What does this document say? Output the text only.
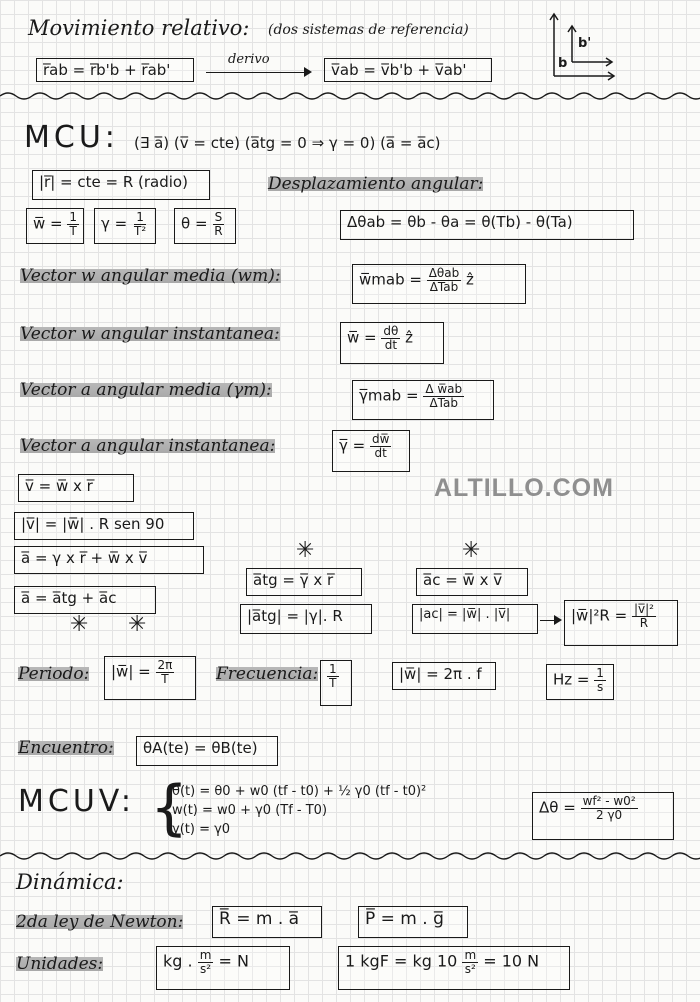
Movimiento relativo: (dos sistemas de referencia)
r̅ab = r̅b'b + r̅ab'
derivo
v̅ab = v̅b'b + v̅ab'	b
b'
MCU: (∃ a̅) (v̅ = cte) (a̅tg = 0 ⇒ γ = 0) (a̅ = a̅c)
|r̅| = cte = R (radio)	Desplazamiento angular:
w̅ = $\frac{1}{T}$	$\gamma = \frac{1}{\text{T²}}$	$\theta = \frac{S}{R}$	Δθab = θb - θa = θ(Tb) - θ(Ta)
Vector w angular media (wm):	w̅mab = $\frac{\text{Δθab}}{\text{ΔTab}}$ ẑ
Vector w angular instantanea:	w̅ = $\frac{d\theta}{dt}$ ẑ
Vector a angular media (γm):	γ̅mab = $\frac{\text{Δ w̅ab}}{\text{ΔTab}}$
Vector a angular instantanea:	γ̅ = $\frac{dw̅}{dt}$
v̅ = w̅ x r̅	ALTILLO.COM
|v̅| = |w̅| . R sen 90
a̅ = γ x r̅ + w̅ x v̅
a̅ = a̅tg + a̅c
✳	✳
✳ ✳
a̅tg = γ̅ x r̅
|a̅tg| = |γ|. R
a̅c = w̅ x v̅
|ac| = |w̅| . |v̅|	|w̅|²R = $\frac{\text{|v̅|²}}{R}$
Periodo:	|w̅| = $\frac{2\pi}{T}$ Frecuencia: $\frac{1}{T}$	|w̅| = 2π . f	$Hz = \frac{1}{s}$
Encuentro:	θA(te) = θB(te)
MCUV: {
θ(t) = θ0 + w0 (tf - t0) + ½ γ0 (tf - t0)²
w(t) = w0 + γ0 (Tf - T0)
γ(t) = γ0
$\Delta\theta = \frac{\text{wf² - w0²}}{2 \gamma 0}$
Dinámica:
2da ley de Newton:	R̅ = m . a̅	P̅ = m . g̅
Unidades:	kg . $\frac{m}{\text{s²}} = N$	1 kgF = kg $10 \frac{m}{\text{s²}} = 10$ N
